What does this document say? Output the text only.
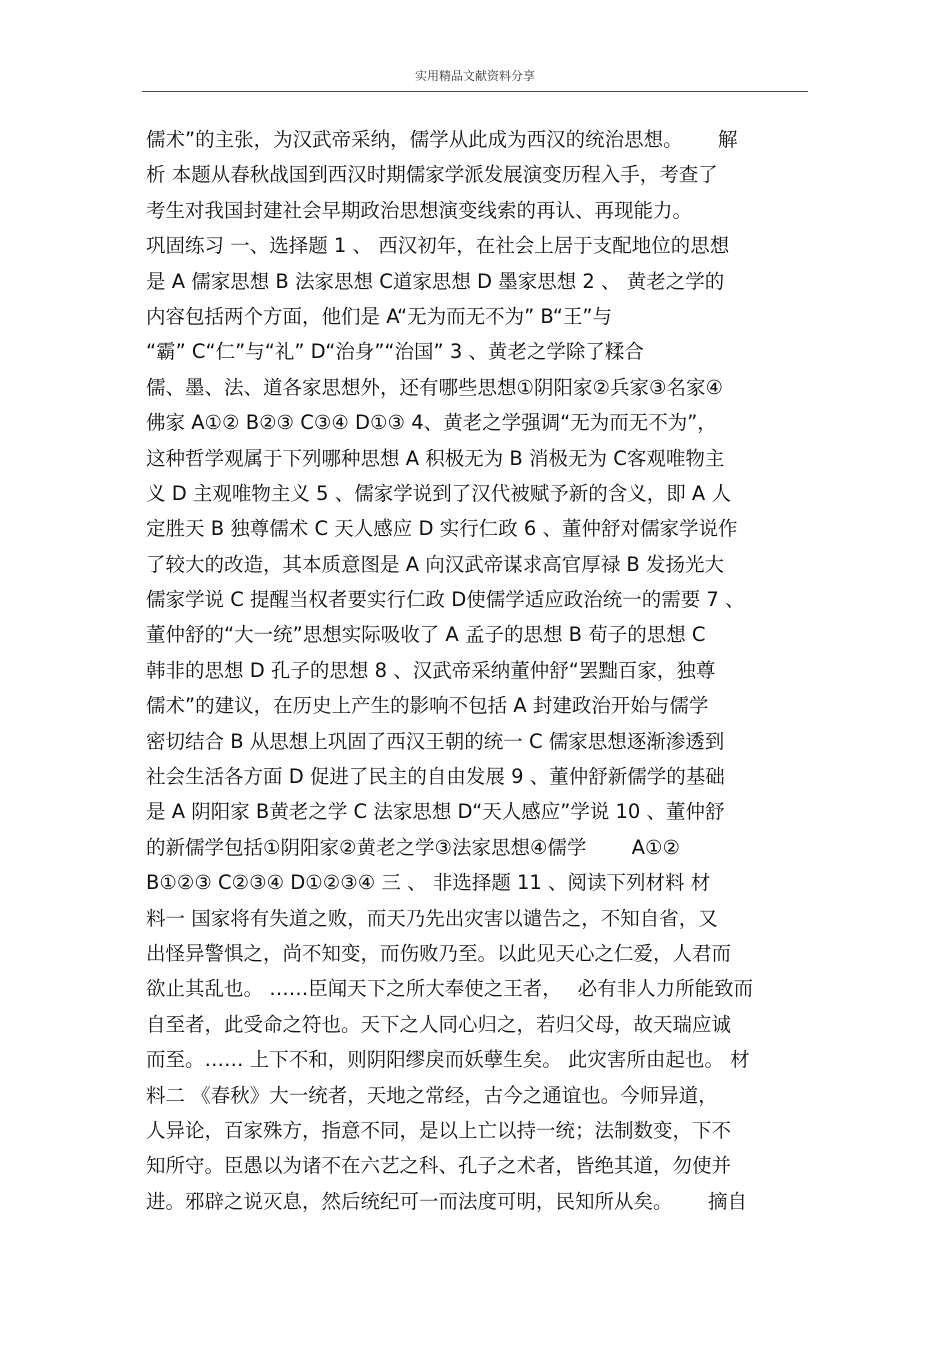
实用精品文献资料分享
儒术”的主张，为汉武帝采纳，儒学从此成为西汉的统治思想。　　 解
析 本题从春秋战国到西汉时期儒家学派发展演变历程入手，考查了
考生对我国封建社会早期政治思想演变线索的再认、再现能力。
巩固练习 一、选择题 1 、 西汉初年，在社会上居于支配地位的思想
是 A 儒家思想 B 法家思想 C道家思想 D 墨家思想 2 、 黄老之学的
内容包括两个方面，他们是 A“无为而无不为” B“王”与
“霸” C“仁”与“礼” D“治身”“治国” 3 、黄老之学除了糅合
儒、墨、法、道各家思想外，还有哪些思想①阴阳家②兵家③名家④
佛家 A①② B②③ C③④ D①③ 4、黄老之学强调“无为而无不为”，
这种哲学观属于下列哪种思想 A 积极无为 B 消极无为 C客观唯物主
义 D 主观唯物主义 5 、儒家学说到了汉代被赋予新的含义，即 A 人
定胜天 B 独尊儒术 C 天人感应 D 实行仁政 6 、董仲舒对儒家学说作
了较大的改造，其本质意图是 A 向汉武帝谋求高官厚禄 B 发扬光大
儒家学说 C 提醒当权者要实行仁政 D使儒学适应政治统一的需要 7 、
董仲舒的“大一统”思想实际吸收了 A 孟子的思想 B 荀子的思想 C
韩非的思想 D 孔子的思想 8 、汉武帝采纳董仲舒“罢黜百家，独尊
儒术”的建议，在历史上产生的影响不包括 A 封建政治开始与儒学
密切结合 B 从思想上巩固了西汉王朝的统一 C 儒家思想逐渐渗透到
社会生活各方面 D 促进了民主的自由发展 9 、董仲舒新儒学的基础
是 A 阴阳家 B黄老之学 C 法家思想 D“天人感应”学说 10 、董仲舒
的新儒学包括①阴阳家②黄老之学③法家思想④儒学　　 A①②
B①②③ C②③④ D①②③④ 三 、 非选择题 11 、阅读下列材料 材
料一 国家将有失道之败，而天乃先出灾害以谴告之，不知自省，又
出怪异警惧之，尚不知变，而伤败乃至。以此见天心之仁爱，人君而
欲止其乱也。 ……臣闻天下之所大奉使之王者，　 必有非人力所能致而
自至者，此受命之符也。天下之人同心归之，若归父母，故天瑞应诚
而至。…… 上下不和，则阴阳缪戾而妖孽生矣。 此灾害所由起也。 材
料二 《春秋》大一统者，天地之常经，古今之通谊也。今师异道，
人异论，百家殊方，指意不同，是以上亡以持一统；法制数变，下不
知所守。臣愚以为诸不在六艺之科、孔子之术者，皆绝其道，勿使并
进。邪辟之说灭息，然后统纪可一而法度可明，民知所从矣。　　 摘自
